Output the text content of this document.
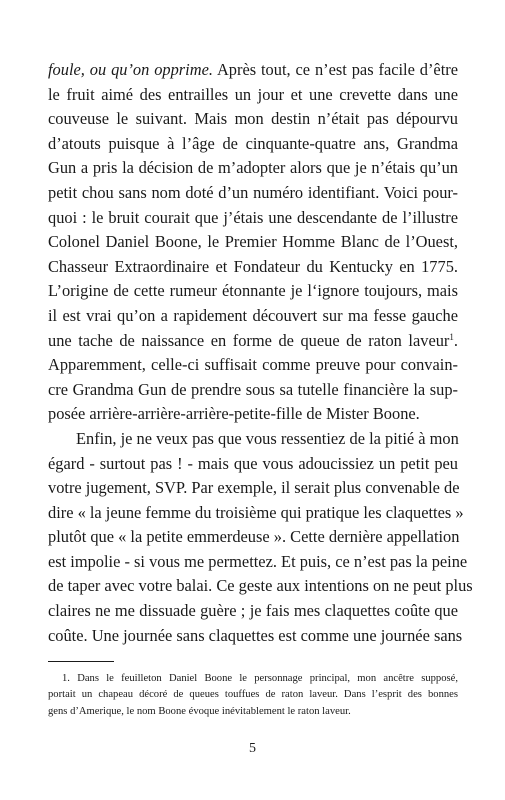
foule, ou qu’on opprime. Après tout, ce n’est pas facile d’être
le fruit aimé des entrailles un jour et une crevette dans une
couveuse le suivant. Mais mon destin n’était pas dépourvu
d’atouts puisque à l’âge de cinquante-quatre ans, Grandma
Gun a pris la décision de m’adopter alors que je n’étais qu’un
petit chou sans nom doté d’un numéro identifiant. Voici pour-
quoi : le bruit courait que j’étais une descendante de l’illustre
Colonel Daniel Boone, le Premier Homme Blanc de l’Ouest,
Chasseur Extraordinaire et Fondateur du Kentucky en 1775.
L’origine de cette rumeur étonnante je l‘ignore toujours, mais
il est vrai qu’on a rapidement découvert sur ma fesse gauche
une tache de naissance en forme de queue de raton laveur$^1$.
Apparemment, celle-ci suffisait comme preuve pour convain-
cre Grandma Gun de prendre sous sa tutelle financière la sup-
posée arrière-arrière-arrière-petite-fille de Mister Boone.

Enfin, je ne veux pas que vous ressentiez de la pitié à mon
égard - surtout pas ! - mais que vous adoucissiez un petit peu
votre jugement, SVP. Par exemple, il serait plus convenable de
dire « la jeune femme du troisième qui pratique les claquettes »
plutôt que « la petite emmerdeuse ». Cette dernière appellation
est impolie - si vous me permettez. Et puis, ce n’est pas la peine
de taper avec votre balai. Ce geste aux intentions on ne peut plus
claires ne me dissuade guère ; je fais mes claquettes coûte que
coûte. Une journée sans claquettes est comme une journée sans

1. Dans le feuilleton Daniel Boone le personnage principal, mon ancêtre supposé,
portait un chapeau décoré de queues touffues de raton laveur. Dans l’esprit des bonnes
gens d’Amerique, le nom Boone évoque inévitablement le raton laveur.
5
